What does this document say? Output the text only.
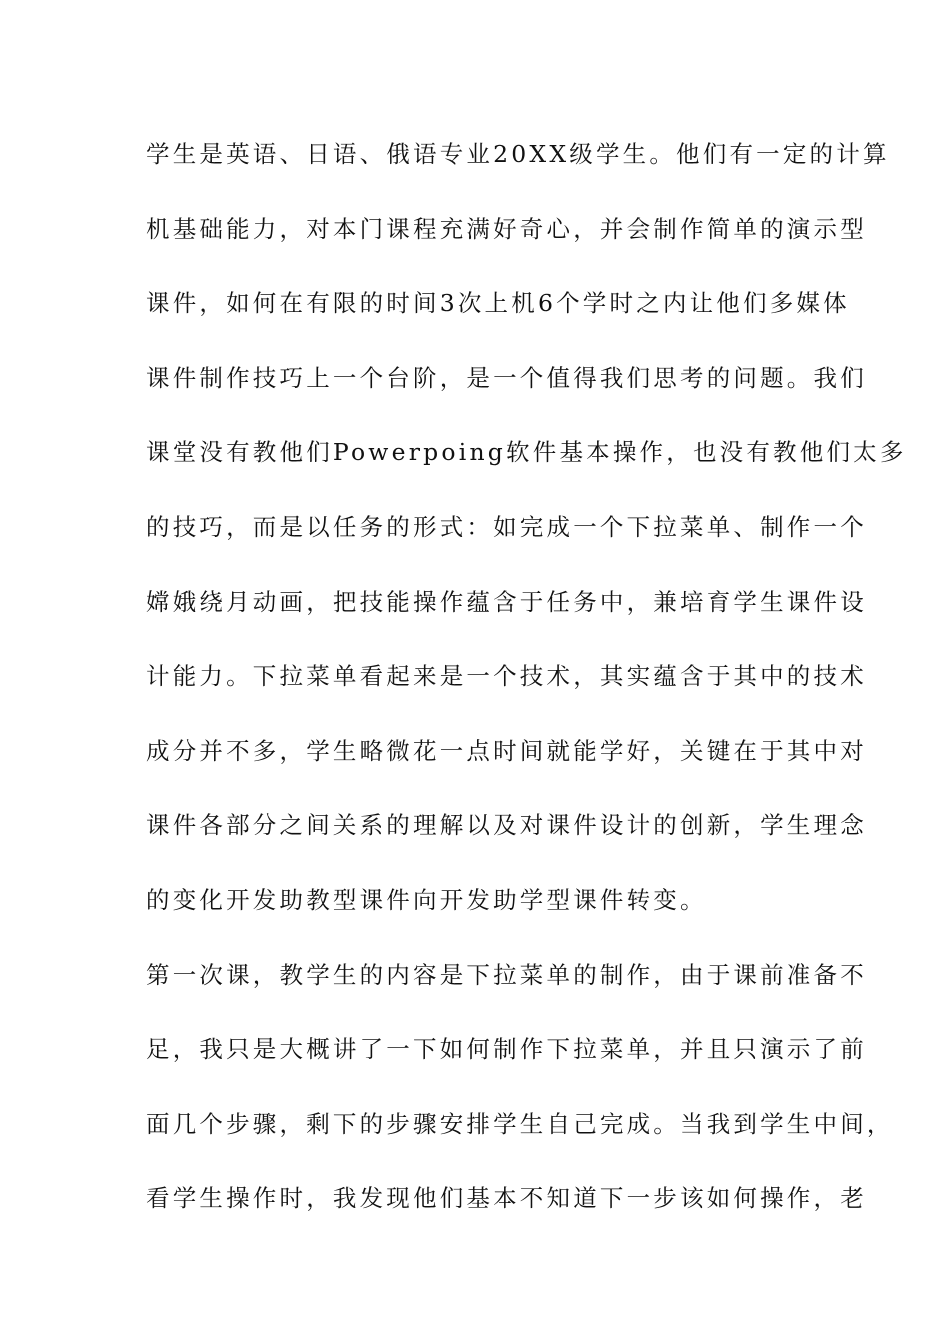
学生是英语、日语、俄语专业20XX级学生。他们有一定的计算
机基础能力，对本门课程充满好奇心，并会制作简单的演示型
课件，如何在有限的时间3次上机6个学时之内让他们多媒体
课件制作技巧上一个台阶，是一个值得我们思考的问题。我们
课堂没有教他们Powerpoing软件基本操作，也没有教他们太多
的技巧，而是以任务的形式：如完成一个下拉菜单、制作一个
嫦娥绕月动画，把技能操作蕴含于任务中，兼培育学生课件设
计能力。下拉菜单看起来是一个技术，其实蕴含于其中的技术
成分并不多，学生略微花一点时间就能学好，关键在于其中对
课件各部分之间关系的理解以及对课件设计的创新，学生理念
的变化开发助教型课件向开发助学型课件转变。
第一次课，教学生的内容是下拉菜单的制作，由于课前准备不
足，我只是大概讲了一下如何制作下拉菜单，并且只演示了前
面几个步骤，剩下的步骤安排学生自己完成。当我到学生中间，
看学生操作时，我发现他们基本不知道下一步该如何操作，老
